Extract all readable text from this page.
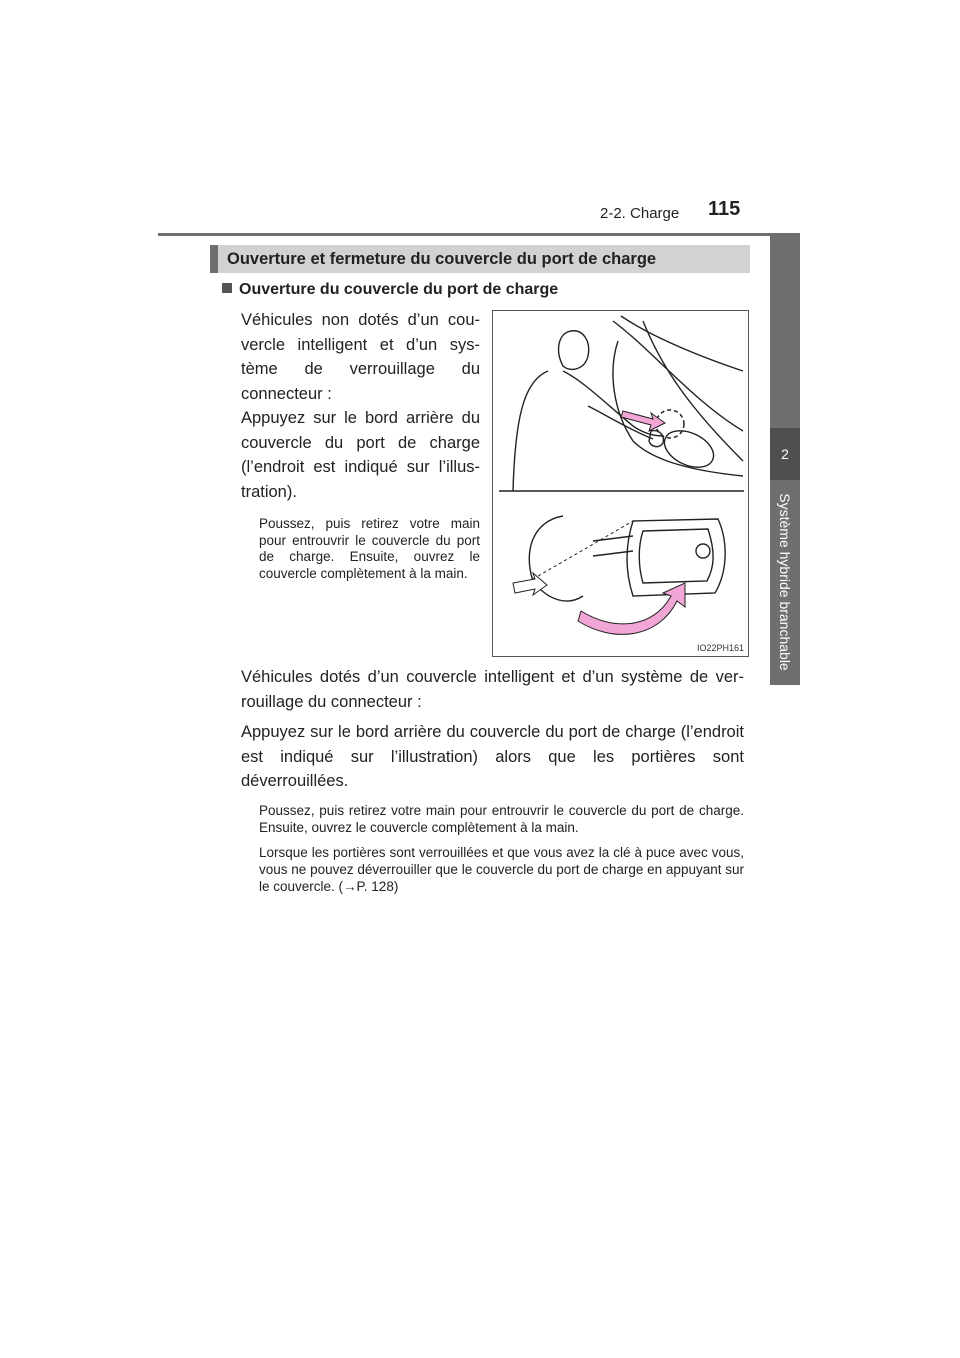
2-2. Charge 115
2
Système hybride branchable
Ouverture et fermeture du couvercle du port de charge
Ouverture du couvercle du port de charge

Véhicules non dotés d’un cou-vercle intelligent et d’un sys-tème de verrouillage du connecteur :

Appuyez sur le bord arrière du couvercle du port de charge (l’endroit est indiqué sur l’illus-tration).

Poussez, puis retirez votre main pour entrouvrir le couvercle du port de charge. Ensuite, ouvrez le couvercle complètement à la main.

IO22PH161

Véhicules dotés d’un couvercle intelligent et d’un système de ver-rouillage du connecteur :

Appuyez sur le bord arrière du couvercle du port de charge (l’endroit est indiqué sur l’illustration) alors que les portières sont déverrouillées.

Poussez, puis retirez votre main pour entrouvrir le couvercle du port de charge. Ensuite, ouvrez le couvercle complètement à la main.

Lorsque les portières sont verrouillées et que vous avez la clé à puce avec vous, vous ne pouvez déverrouiller que le couvercle du port de charge en appuyant sur le couvercle. (→P. 128)
